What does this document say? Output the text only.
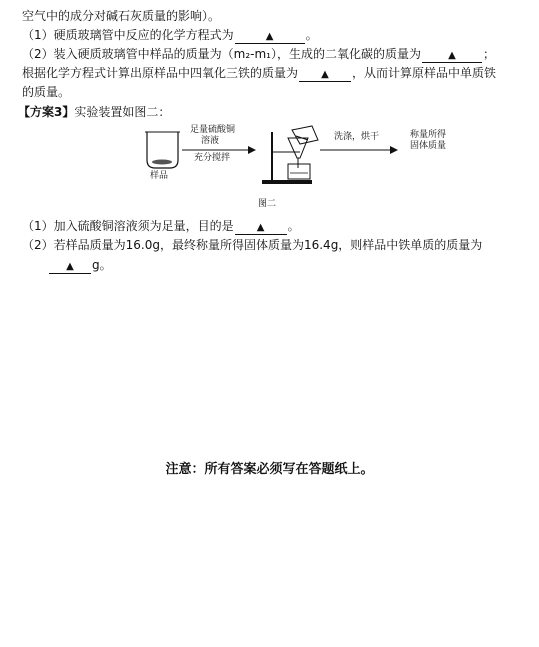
空气中的成分对碱石灰质量的影响）。
（1）硬质玻璃管中反应的化学方程式为	▲	。
（2）装入硬质玻璃管中样品的质量为（m₂-m₁），生成的二氧化碳的质量为	▲ ；
根据化学方程式计算出原样品中四氧化三铁的质量为 ▲ ，从而计算原样品中单质铁
的质量。
【方案3】实验装置如图二：
足量硫酸铜
溶液
充分搅拌
样品
洗涤，烘干	称量所得
固体质量
图二
（1）加入硫酸铜溶液须为足量，目的是 ▲ 。
（2）若样品质量为16.0g，最终称量所得固体质量为16.4g，则样品中铁单质的质量为
▲ g。
注意：所有答案必须写在答题纸上。
